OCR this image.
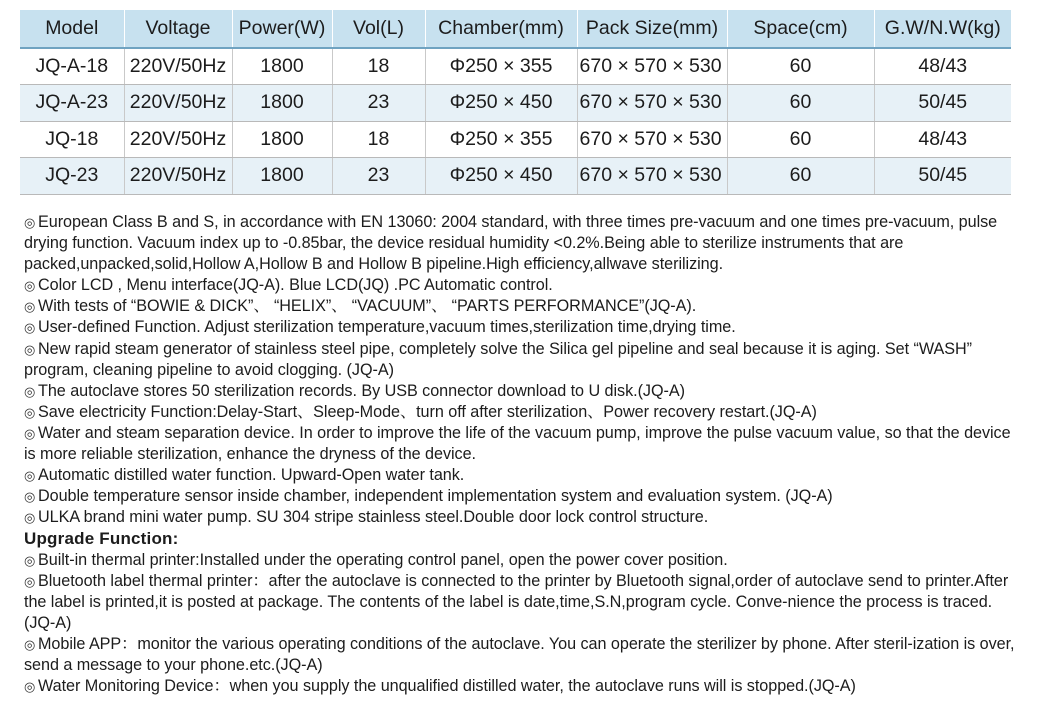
Model	Voltage	Power(W)	Vol(L)	Chamber(mm)	Pack Size(mm)	Space(cm)	G.W/N.W(kg)
JQ-A-18	220V/50Hz	1800	18	Φ250 × 355	670 × 570 × 530	60	48/43
JQ-A-23	220V/50Hz	1800	23	Φ250 × 450	670 × 570 × 530	60	50/45
JQ-18	220V/50Hz	1800	18	Φ250 × 355	670 × 570 × 530	60	48/43
JQ-23	220V/50Hz	1800	23	Φ250 × 450	670 × 570 × 530	60	50/45

◎ European Class B and S, in accordance with EN 13060: 2004 standard, with three times pre-vacuum and one times pre-vacuum, pulse drying function. Vacuum index up to -0.85bar, the device residual humidity <0.2%.Being able to sterilize instruments that are packed,unpacked,solid,Hollow A,Hollow B and Hollow B pipeline.High efficiency,allwave sterilizing.

◎ Color LCD , Menu interface(JQ-A). Blue LCD(JQ) .PC Automatic control.

◎ With tests of “BOWIE & DICK”、 “HELIX”、 “VACUUM”、 “PARTS PERFORMANCE”(JQ-A).

◎ User-defined Function. Adjust sterilization temperature,vacuum times,sterilization time,drying time.

◎ New rapid steam generator of stainless steel pipe, completely solve the Silica gel pipeline and seal because it is aging. Set “WASH” program, cleaning pipeline to avoid clogging. (JQ-A)

◎ The autoclave stores 50 sterilization records. By USB connector download to U disk.(JQ-A)

◎ Save electricity Function:Delay-Start、Sleep-Mode、turn off after sterilization、Power recovery restart.(JQ-A)

◎ Water and steam separation device. In order to improve the life of the vacuum pump, improve the pulse vacuum value, so that the device is more reliable sterilization, enhance the dryness of the device.

◎ Automatic distilled water function. Upward-Open water tank.

◎ Double temperature sensor inside chamber, independent implementation system and evaluation system. (JQ-A)

◎ ULKA brand mini water pump. SU 304 stripe stainless steel.Double door lock control structure.

Upgrade Function:

◎ Built-in thermal printer:Installed under the operating control panel, open the power cover position.

◎ Bluetooth label thermal printer：after the autoclave is connected to the printer by Bluetooth signal,order of autoclave send to printer.After the label is printed,it is posted at package. The contents of the label is date,time,S.N,program cycle. Conve-nience the process is traced.(JQ-A)

◎ Mobile APP：monitor the various operating conditions of the autoclave. You can operate the sterilizer by phone. After steril-ization is over, send a message to your phone.etc.(JQ-A)

◎ Water Monitoring Device：when you supply the unqualified distilled water, the autoclave runs will is stopped.(JQ-A)
